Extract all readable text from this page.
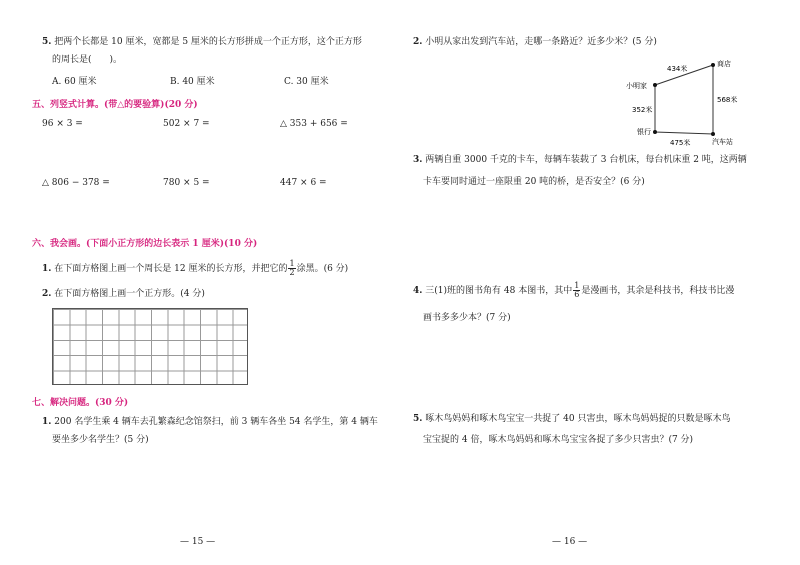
5. 把两个长都是 10 厘米，宽都是 5 厘米的长方形拼成一个正方形，这个正方形
的周长是(　　)。
A. 60 厘米	B. 40 厘米	C. 30 厘米
五、列竖式计算。(带△的要验算)(20 分)
96 × 3 =	502 × 7 =	△ 353 + 656 =
△ 806 − 378 =	780 × 5 =	447 × 6 =
六、我会画。(下面小正方形的边长表示 1 厘米)(10 分)
1. 在下面方格图上画一个周长是 12 厘米的长方形，并把它的 $\frac{1}{2}$ 涂黑。(6 分)
2. 在下面方格图上画一个正方形。(4 分)
七、解决问题。(30 分)
1. 200 名学生乘 4 辆车去孔繁森纪念馆祭扫，前 3 辆车各坐 54 名学生，第 4 辆车
要坐多少名学生？(5 分)
— 15 —
2. 小明从家出发到汽车站，走哪一条路近？近多少米？(5 分)
小明家
商店
银行
汽车站
434米
352米
568米
475米
3. 两辆自重 3000 千克的卡车，每辆车装载了 3 台机床，每台机床重 2 吨，这两辆
卡车要同时通过一座限重 20 吨的桥，是否安全？(6 分)
4. 三(1)班的图书角有 48 本图书，其中 $\frac{1}{6}$ 是漫画书，其余是科技书，科技书比漫
画书多多少本？(7 分)
5. 啄木鸟妈妈和啄木鸟宝宝一共捉了 40 只害虫，啄木鸟妈妈捉的只数是啄木鸟
宝宝捉的 4 倍，啄木鸟妈妈和啄木鸟宝宝各捉了多少只害虫？(7 分)
— 16 —
